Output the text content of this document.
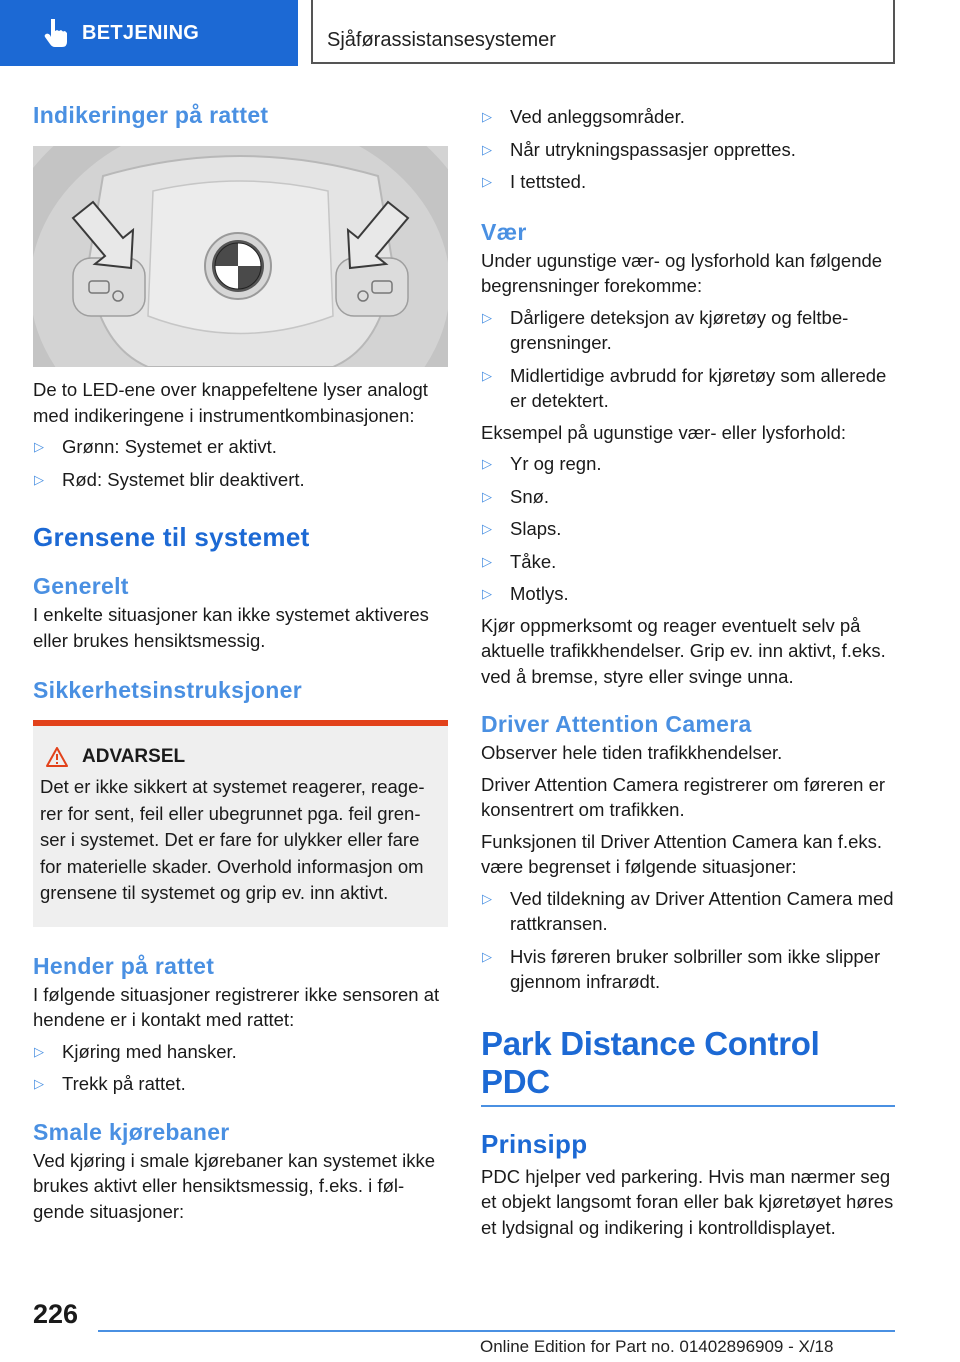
BETJENING	Sjåførassistansesystemer
Indikeringer på rattet

De to LED-ene over knappefeltene lyser analogt med indikeringene i instrumentkombinasjonen:

▷ Grønn: Systemet er aktivt.
▷ Rød: Systemet blir deaktivert.
Grensene til systemet
Generelt

I enkelte situasjoner kan ikke systemet aktiveres eller brukes hensiktsmessig.

Sikkerhetsinstruksjoner
ADVARSEL

Det er ikke sikkert at systemet reagerer, reagerer for sent, feil eller ubegrunnet pga. feil grenser i systemet. Det er fare for ulykker eller fare for materielle skader. Overhold informasjon om grensene til systemet og grip ev. inn aktivt.

Hender på rattet

I følgende situasjoner registrerer ikke sensoren at hendene er i kontakt med rattet:

▷ Kjøring med hansker.
▷ Trekk på rattet.
Smale kjørebaner

Ved kjøring i smale kjørebaner kan systemet ikke brukes aktivt eller hensiktsmessig, f.eks. i følgende situasjoner:

▷ Ved anleggsområder.
▷ Når utrykningspassasjer opprettes.
▷ I tettsted.
Vær

Under ugunstige vær- og lysforhold kan følgende begrensninger forekomme:

▷ Dårligere deteksjon av kjøretøy og feltbegrensninger.
▷ Midlertidige avbrudd for kjøretøy som allerede er detektert.

Eksempel på ugunstige vær- eller lysforhold:

▷ Yr og regn.
▷ Snø.
▷ Slaps.
▷ Tåke.
▷ Motlys.

Kjør oppmerksomt og reager eventuelt selv på aktuelle trafikkhendelser. Grip ev. inn aktivt, f.eks. ved å bremse, styre eller svinge unna.

Driver Attention Camera

Observer hele tiden trafikkhendelser.

Driver Attention Camera registrerer om føreren er konsentrert om trafikken.

Funksjonen til Driver Attention Camera kan f.eks. være begrenset i følgende situasjoner:

▷ Ved tildekning av Driver Attention Camera med rattkransen.
▷ Hvis føreren bruker solbriller som ikke slipper gjennom infrarødt.
Park Distance Control PDC
Prinsipp

PDC hjelper ved parkering. Hvis man nærmer seg et objekt langsomt foran eller bak kjøretøyet høres et lydsignal og indikering i kontrolldisplayet.

226
Online Edition for Part no. 01402896909 - X/18
